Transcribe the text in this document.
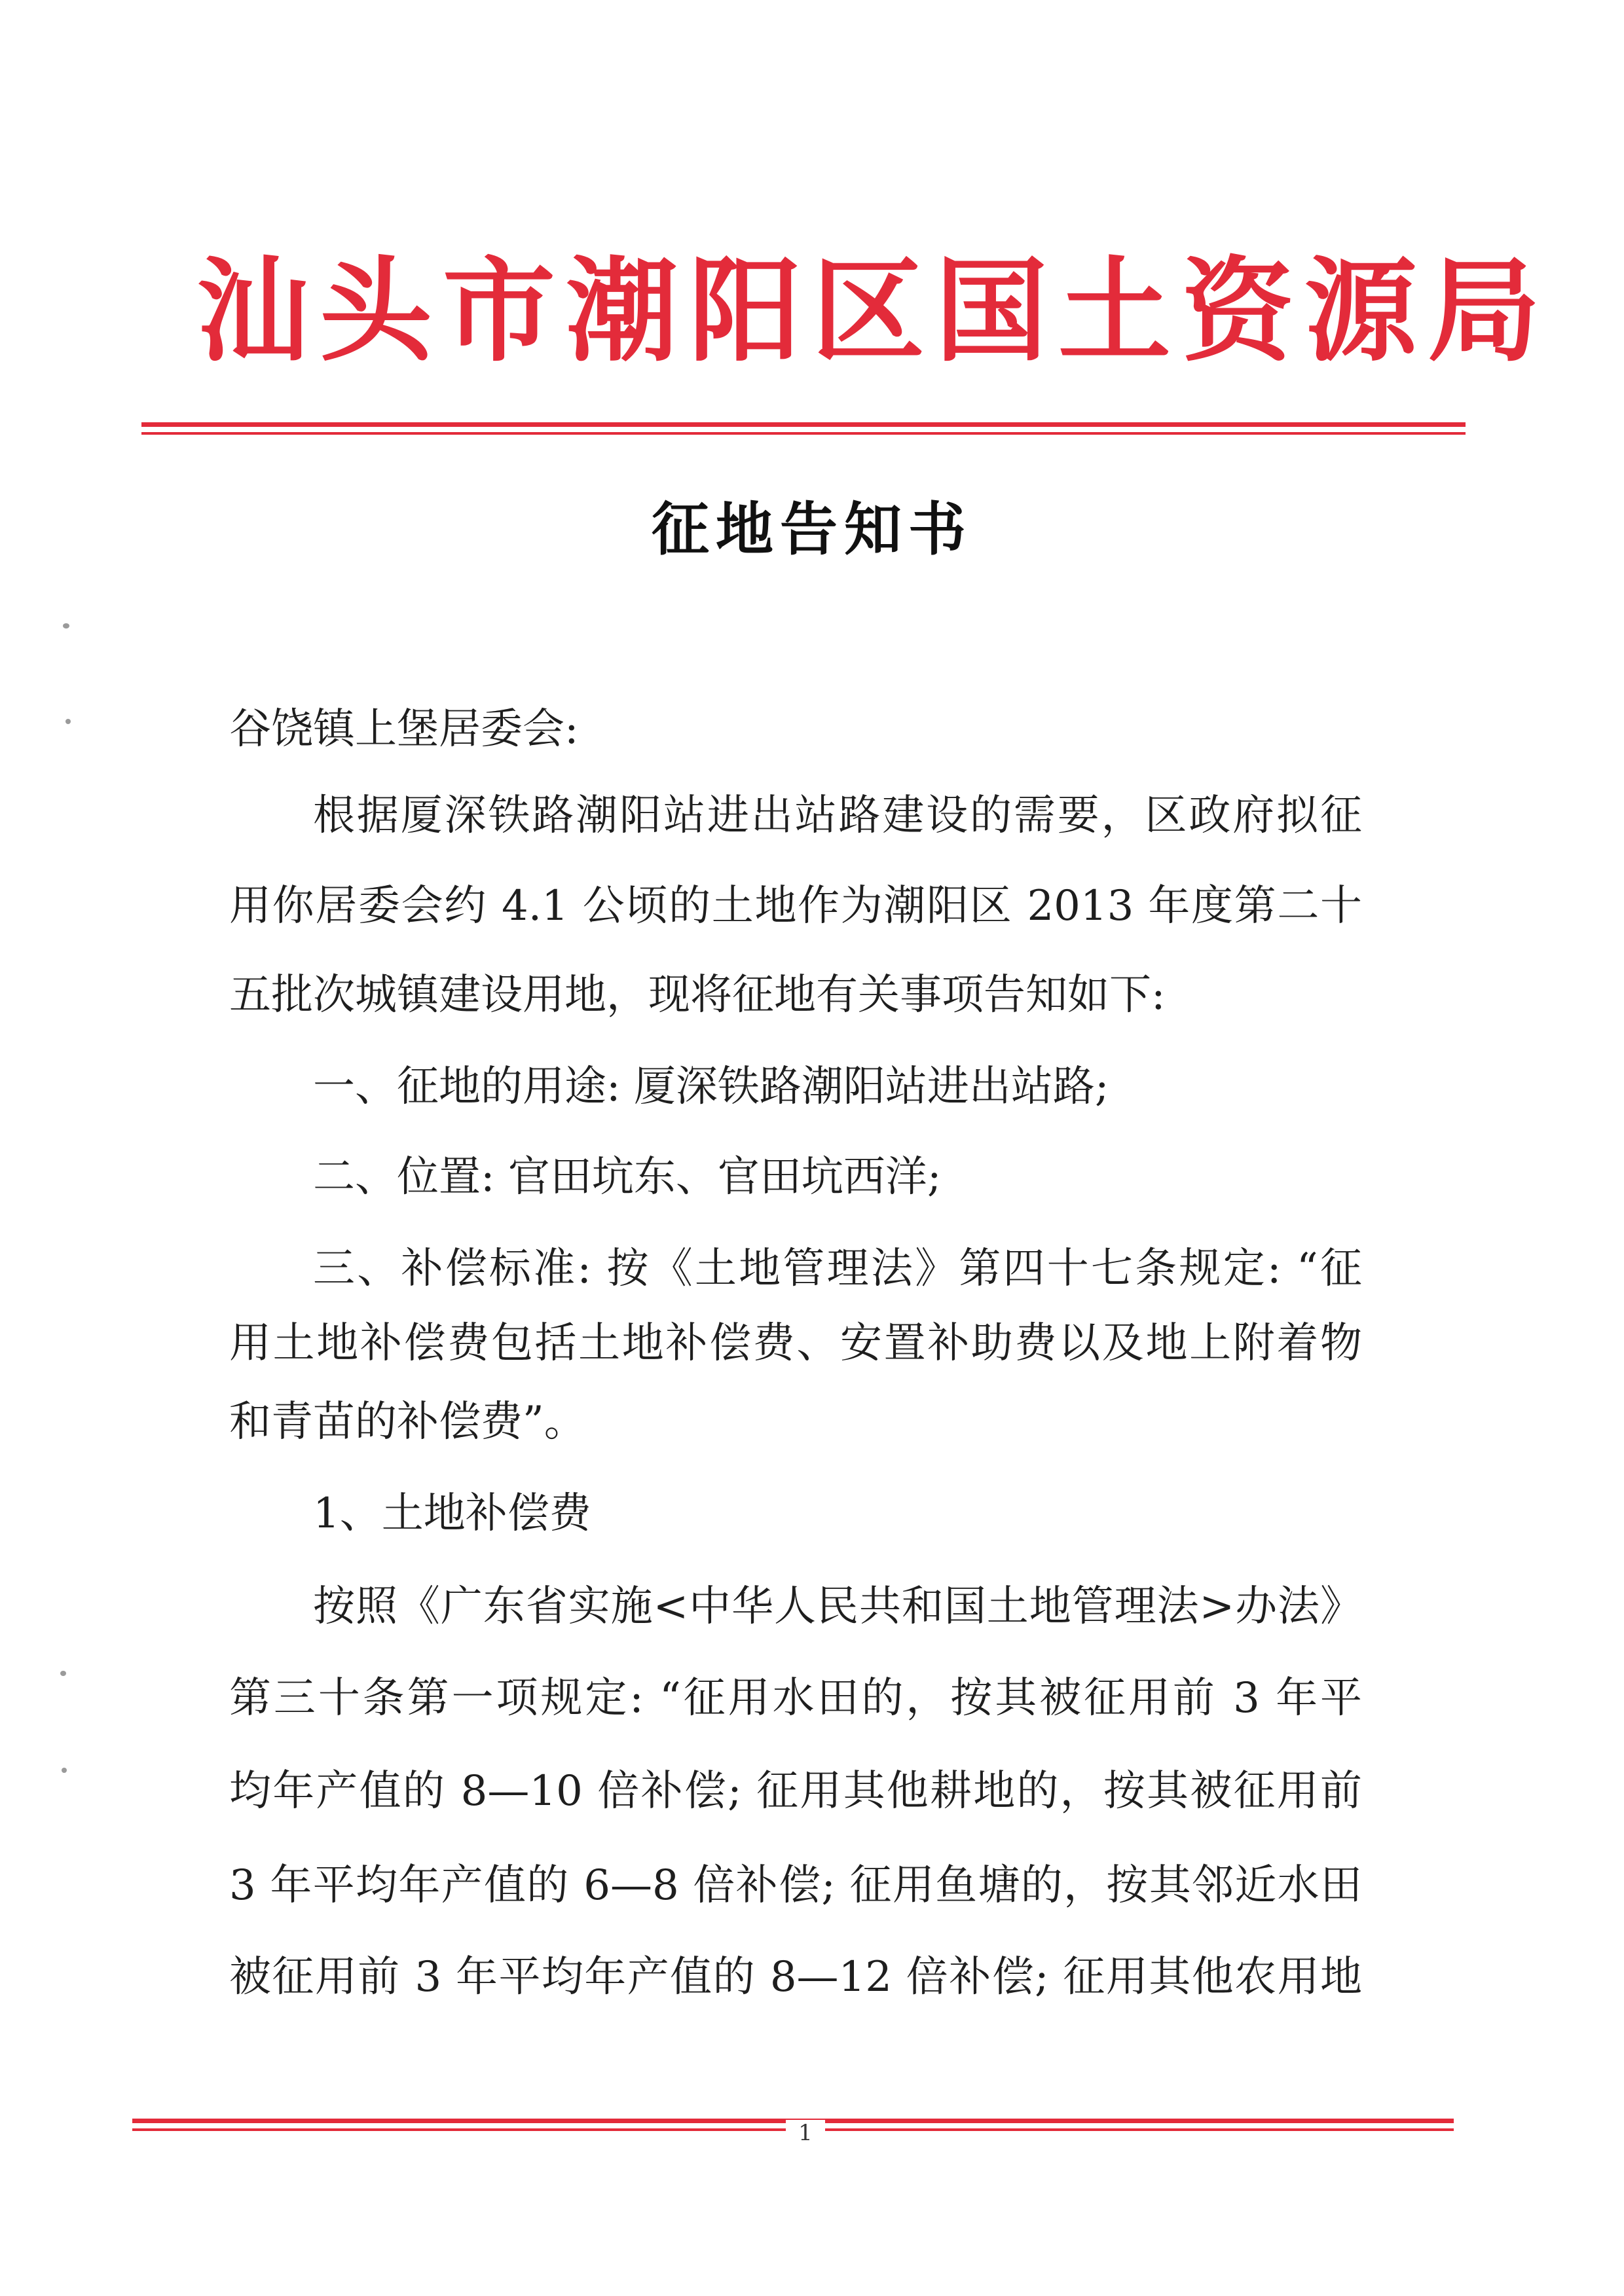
汕头市潮阳区国土资源局
征地告知书
谷饶镇上堡居委会:
根据厦深铁路潮阳站进出站路建设的需要，区政府拟征
用你居委会约 4.1 公顷的土地作为潮阳区 2013 年度第二十
五批次城镇建设用地，现将征地有关事项告知如下:
一、征地的用途: 厦深铁路潮阳站进出站路;
二、位置: 官田坑东、官田坑西洋;
三、补偿标准: 按《土地管理法》第四十七条规定: “征
用土地补偿费包括土地补偿费、安置补助费以及地上附着物
和青苗的补偿费”。
1、土地补偿费
按照《广东省实施<中华人民共和国土地管理法>办法》
第三十条第一项规定: “征用水田的，按其被征用前 3 年平
均年产值的 8—10 倍补偿; 征用其他耕地的，按其被征用前
3 年平均年产值的 6—8 倍补偿; 征用鱼塘的，按其邻近水田
被征用前 3 年平均年产值的 8—12 倍补偿; 征用其他农用地
1
